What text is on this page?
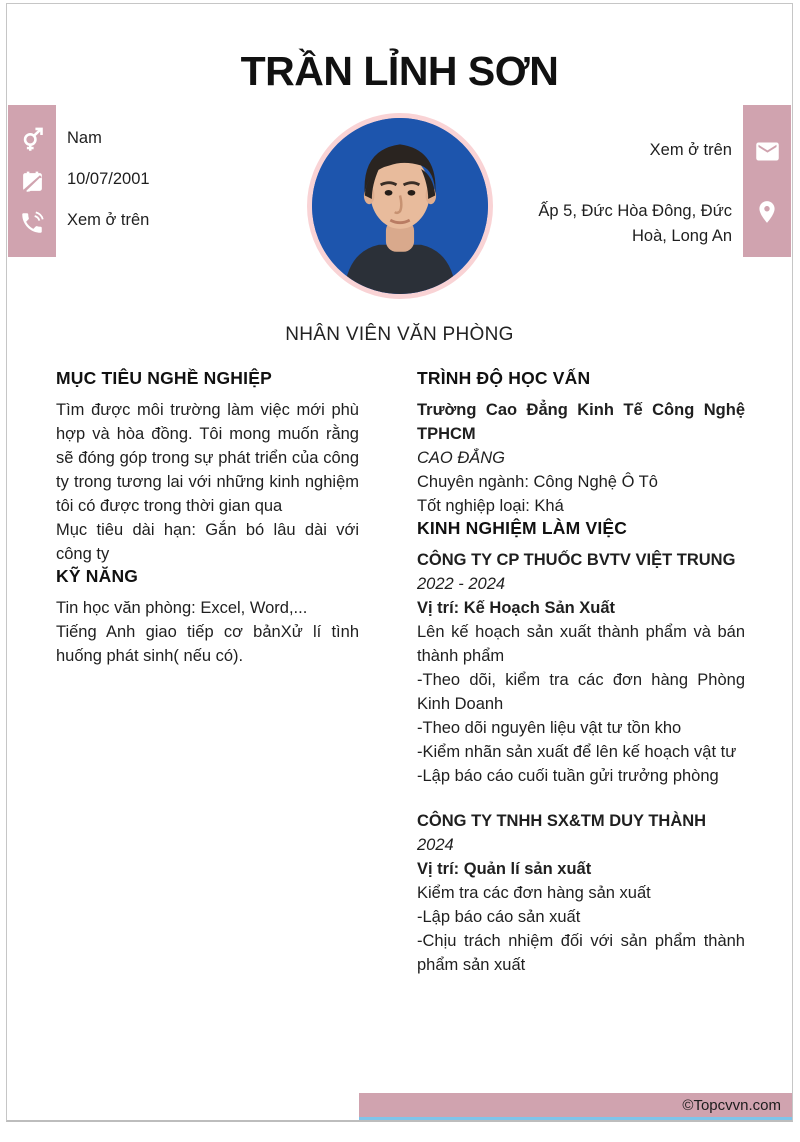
TRẦN LỈNH SƠN
Nam
10/07/2001
Xem ở trên
Xem ở trên
Ấp 5, Đức Hòa Đông, Đức Hoà, Long An
NHÂN VIÊN VĂN PHÒNG
MỤC TIÊU NGHỀ NGHIỆP
Tìm được môi trường làm việc mới phù hợp và hòa đồng. Tôi mong muốn rằng sẽ đóng góp trong sự phát triển của công ty trong tương lai với những kinh nghiệm tôi có được trong thời gian qua
Mục tiêu dài hạn: Gắn bó lâu dài với công ty
KỸ NĂNG
Tin học văn phòng: Excel, Word,...
Tiếng Anh giao tiếp cơ bảnXử lí tình huống phát sinh( nếu có).
TRÌNH ĐỘ HỌC VẤN
Trường Cao Đẳng Kinh Tế Công Nghệ TPHCM
CAO ĐẲNG
Chuyên ngành: Công Nghệ Ô Tô
Tốt nghiệp loại: Khá
KINH NGHIỆM LÀM VIỆC
CÔNG TY CP THUỐC BVTV VIỆT TRUNG
2022 - 2024
Vị trí: Kế Hoạch Sản Xuất
Lên kế hoạch sản xuất thành phẩm và bán thành phẩm
-Theo dõi, kiểm tra các đơn hàng Phòng Kinh Doanh
-Theo dõi nguyên liệu vật tư tồn kho
-Kiểm nhãn sản xuất để lên kế hoạch vật tư
-Lập báo cáo cuối tuần gửi trưởng phòng
CÔNG TY TNHH SX&TM DUY THÀNH
2024
Vị trí: Quản lí sản xuất
Kiểm tra các đơn hàng sản xuất
-Lập báo cáo sản xuất
-Chịu trách nhiệm đối với sản phẩm thành phẩm sản xuất
©Topcvvn.com
